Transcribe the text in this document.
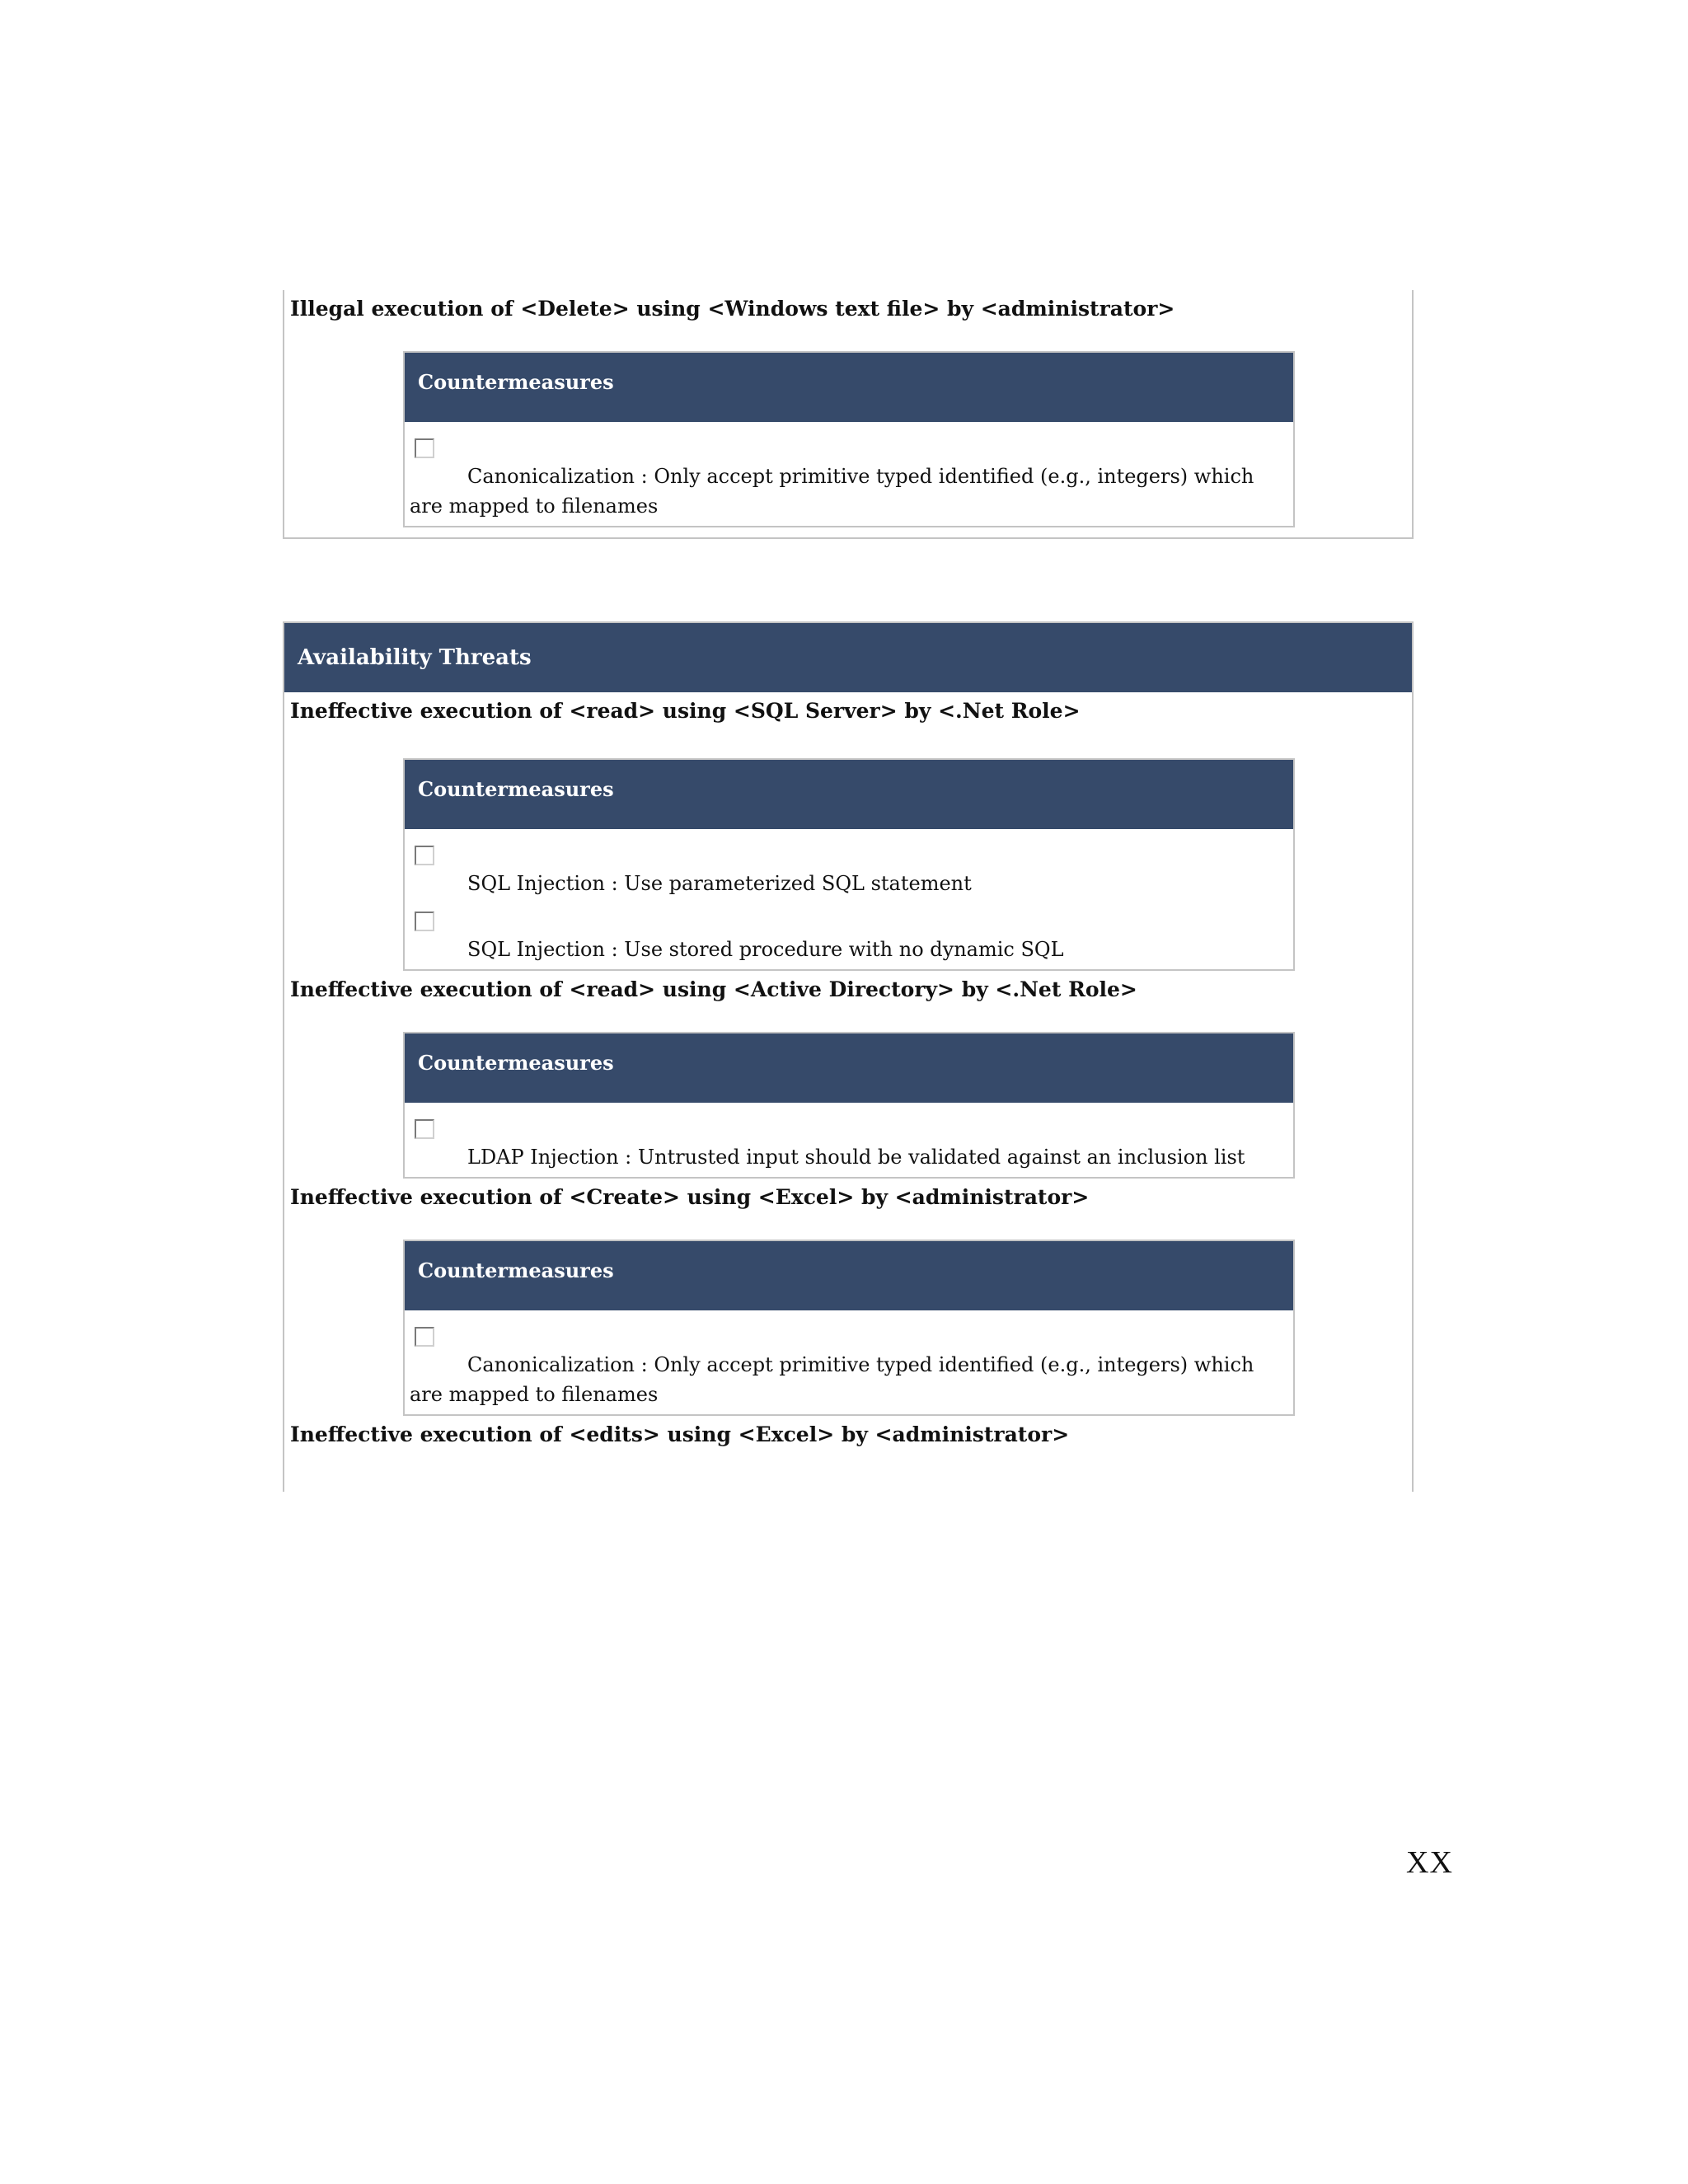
Illegal execution of <Delete> using <Windows text file> by <administrator>
Countermeasures
Canonicalization : Only accept primitive typed identified (e.g., integers) which are mapped to filenames
Availability Threats
Ineffective execution of <read> using <SQL Server> by <.Net Role>
Countermeasures
SQL Injection : Use parameterized SQL statement
SQL Injection : Use stored procedure with no dynamic SQL
Ineffective execution of <read> using <Active Directory> by <.Net Role>
Countermeasures
LDAP Injection : Untrusted input should be validated against an inclusion list
Ineffective execution of <Create> using <Excel> by <administrator>
Countermeasures
Canonicalization : Only accept primitive typed identified (e.g., integers) which are mapped to filenames
Ineffective execution of <edits> using <Excel> by <administrator>
XX
